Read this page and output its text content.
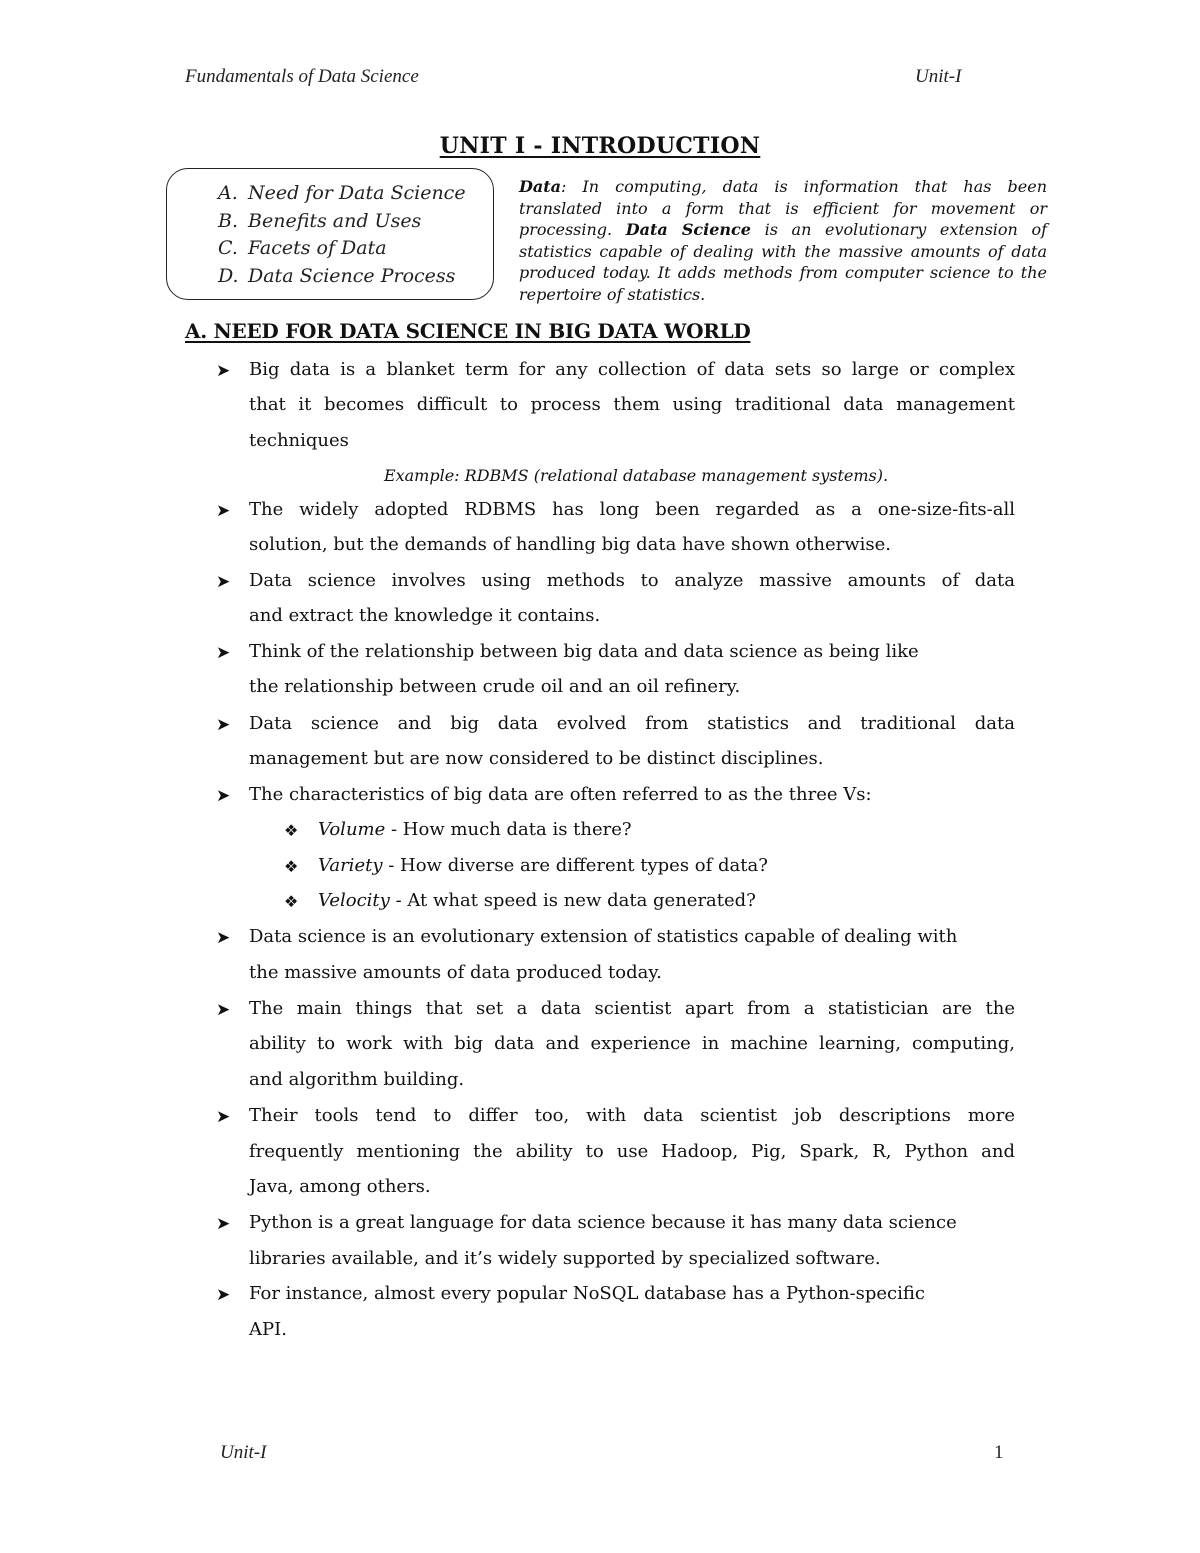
Fundamentals of Data Science	Unit-I
UNIT I - INTRODUCTION
A. Need for Data Science
B. Benefits and Uses
C. Facets of Data
D. Data Science Process
Data: In computing, data is information that has been translated into a form that is efficient for movement or processing. Data Science is an evolutionary extension of statistics capable of dealing with the massive amounts of data produced today. It adds methods from computer science to the repertoire of statistics.
A. NEED FOR DATA SCIENCE IN BIG DATA WORLD
➤ Big data is a blanket term for any collection of data sets so large or complex
that it becomes difficult to process them using traditional data management
techniques
Example: RDBMS (relational database management systems).
➤ The widely adopted RDBMS has long been regarded as a one-size-fits-all
solution, but the demands of handling big data have shown otherwise.
➤ Data science involves using methods to analyze massive amounts of data
and extract the knowledge it contains.
➤ Think of the relationship between big data and data science as being like
the relationship between crude oil and an oil refinery.
➤ Data science and big data evolved from statistics and traditional data
management but are now considered to be distinct disciplines.
➤ The characteristics of big data are often referred to as the three Vs:
❖ Volume - How much data is there?
❖ Variety - How diverse are different types of data?
❖ Velocity - At what speed is new data generated?
➤ Data science is an evolutionary extension of statistics capable of dealing with
the massive amounts of data produced today.
➤ The main things that set a data scientist apart from a statistician are the
ability to work with big data and experience in machine learning, computing,
and algorithm building.
➤ Their tools tend to differ too, with data scientist job descriptions more
frequently mentioning the ability to use Hadoop, Pig, Spark, R, Python and
Java, among others.
➤ Python is a great language for data science because it has many data science
libraries available, and it’s widely supported by specialized software.
➤ For instance, almost every popular NoSQL database has a Python-specific
API.
Unit-I	1
